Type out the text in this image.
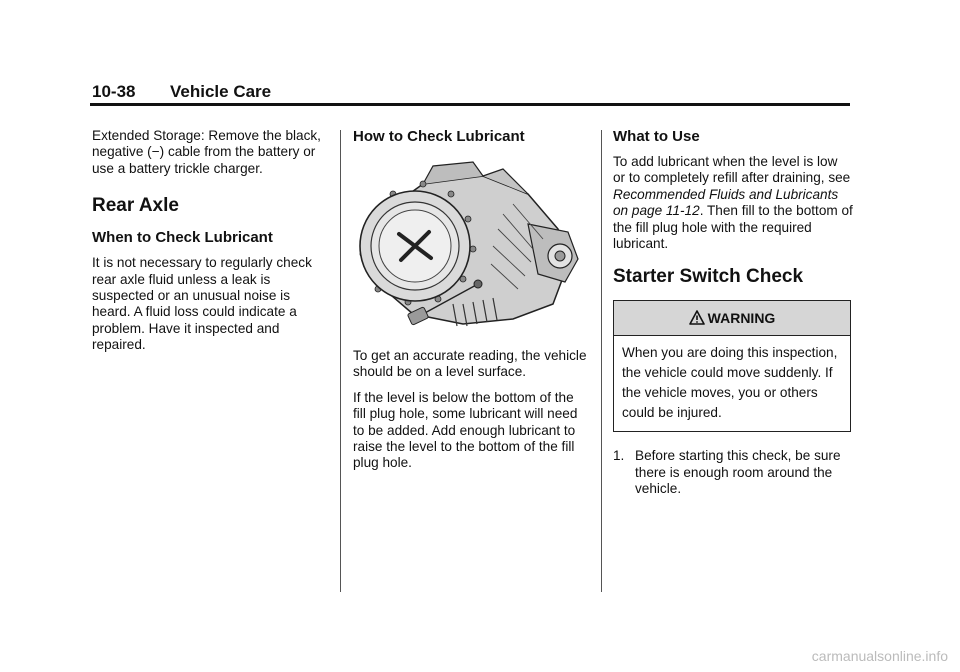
10-38 Vehicle Care

Extended Storage: Remove the black, negative (−) cable from the battery or use a battery trickle charger.

Rear Axle
When to Check Lubricant

It is not necessary to regularly check rear axle fluid unless a leak is suspected or an unusual noise is heard. A fluid loss could indicate a problem. Have it inspected and repaired.

How to Check Lubricant

To get an accurate reading, the vehicle should be on a level surface.

If the level is below the bottom of the fill plug hole, some lubricant will need to be added. Add enough lubricant to raise the level to the bottom of the fill plug hole.

What to Use

To add lubricant when the level is low or to completely refill after draining, see Recommended Fluids and Lubricants on page 11-12. Then fill to the bottom of the fill plug hole with the required lubricant.

Starter Switch Check
WARNING
When you are doing this inspection, the vehicle could move suddenly. If the vehicle moves, you or others could be injured.
1. Before starting this check, be sure there is enough room around the vehicle.
carmanualsonline.info
